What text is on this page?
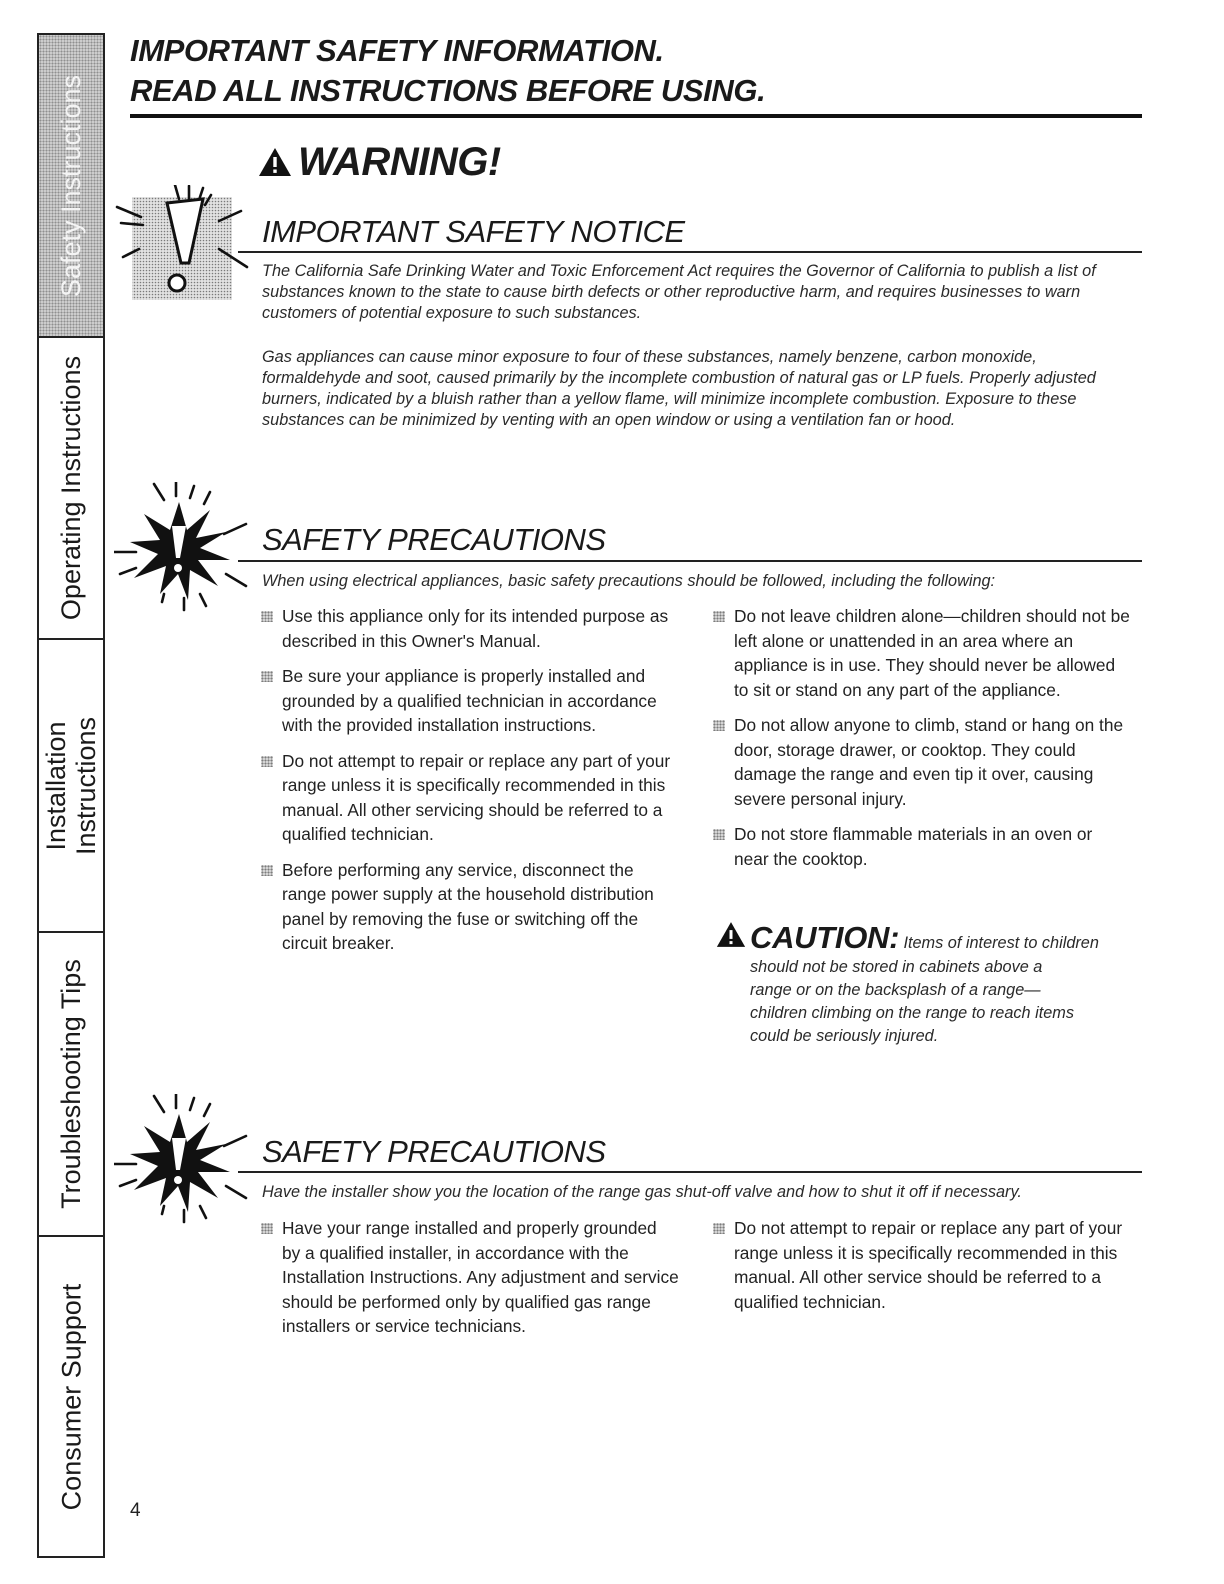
Safety Instructions
Operating Instructions
Installation Instructions
Troubleshooting Tips
Consumer Support
IMPORTANT SAFETY INFORMATION.
READ ALL INSTRUCTIONS BEFORE USING.
WARNING!
IMPORTANT SAFETY NOTICE

The California Safe Drinking Water and Toxic Enforcement Act requires the Governor of California to publish a list of substances known to the state to cause birth defects or other reproductive harm, and requires businesses to warn customers of potential exposure to such substances.

Gas appliances can cause minor exposure to four of these substances, namely benzene, carbon monoxide, formaldehyde and soot, caused primarily by the incomplete combustion of natural gas or LP fuels. Properly adjusted burners, indicated by a bluish rather than a yellow flame, will minimize incomplete combustion. Exposure to these substances can be minimized by venting with an open window or using a ventilation fan or hood.

SAFETY PRECAUTIONS

When using electrical appliances, basic safety precautions should be followed, including the following:

Use this appliance only for its intended purpose as described in this Owner's Manual.
Be sure your appliance is properly installed and grounded by a qualified technician in accordance with the provided installation instructions.
Do not attempt to repair or replace any part of your range unless it is specifically recommended in this manual. All other servicing should be referred to a qualified technician.
Before performing any service, disconnect the range power supply at the household distribution panel by removing the fuse or switching off the circuit breaker.
Do not leave children alone—children should not be left alone or unattended in an area where an appliance is in use. They should never be allowed to sit or stand on any part of the appliance.
Do not allow anyone to climb, stand or hang on the door, storage drawer, or cooktop. They could damage the range and even tip it over, causing severe personal injury.
Do not store flammable materials in an oven or near the cooktop.
CAUTION : Items of interest to children
should not be stored in cabinets above a
range or on the backsplash of a range—
children climbing on the range to reach items
could be seriously injured.
SAFETY PRECAUTIONS

Have the installer show you the location of the range gas shut-off valve and how to shut it off if necessary.

Have your range installed and properly grounded by a qualified installer, in accordance with the Installation Instructions. Any adjustment and service should be performed only by qualified gas range installers or service technicians.
Do not attempt to repair or replace any part of your range unless it is specifically recommended in this manual. All other service should be referred to a qualified technician.
4
